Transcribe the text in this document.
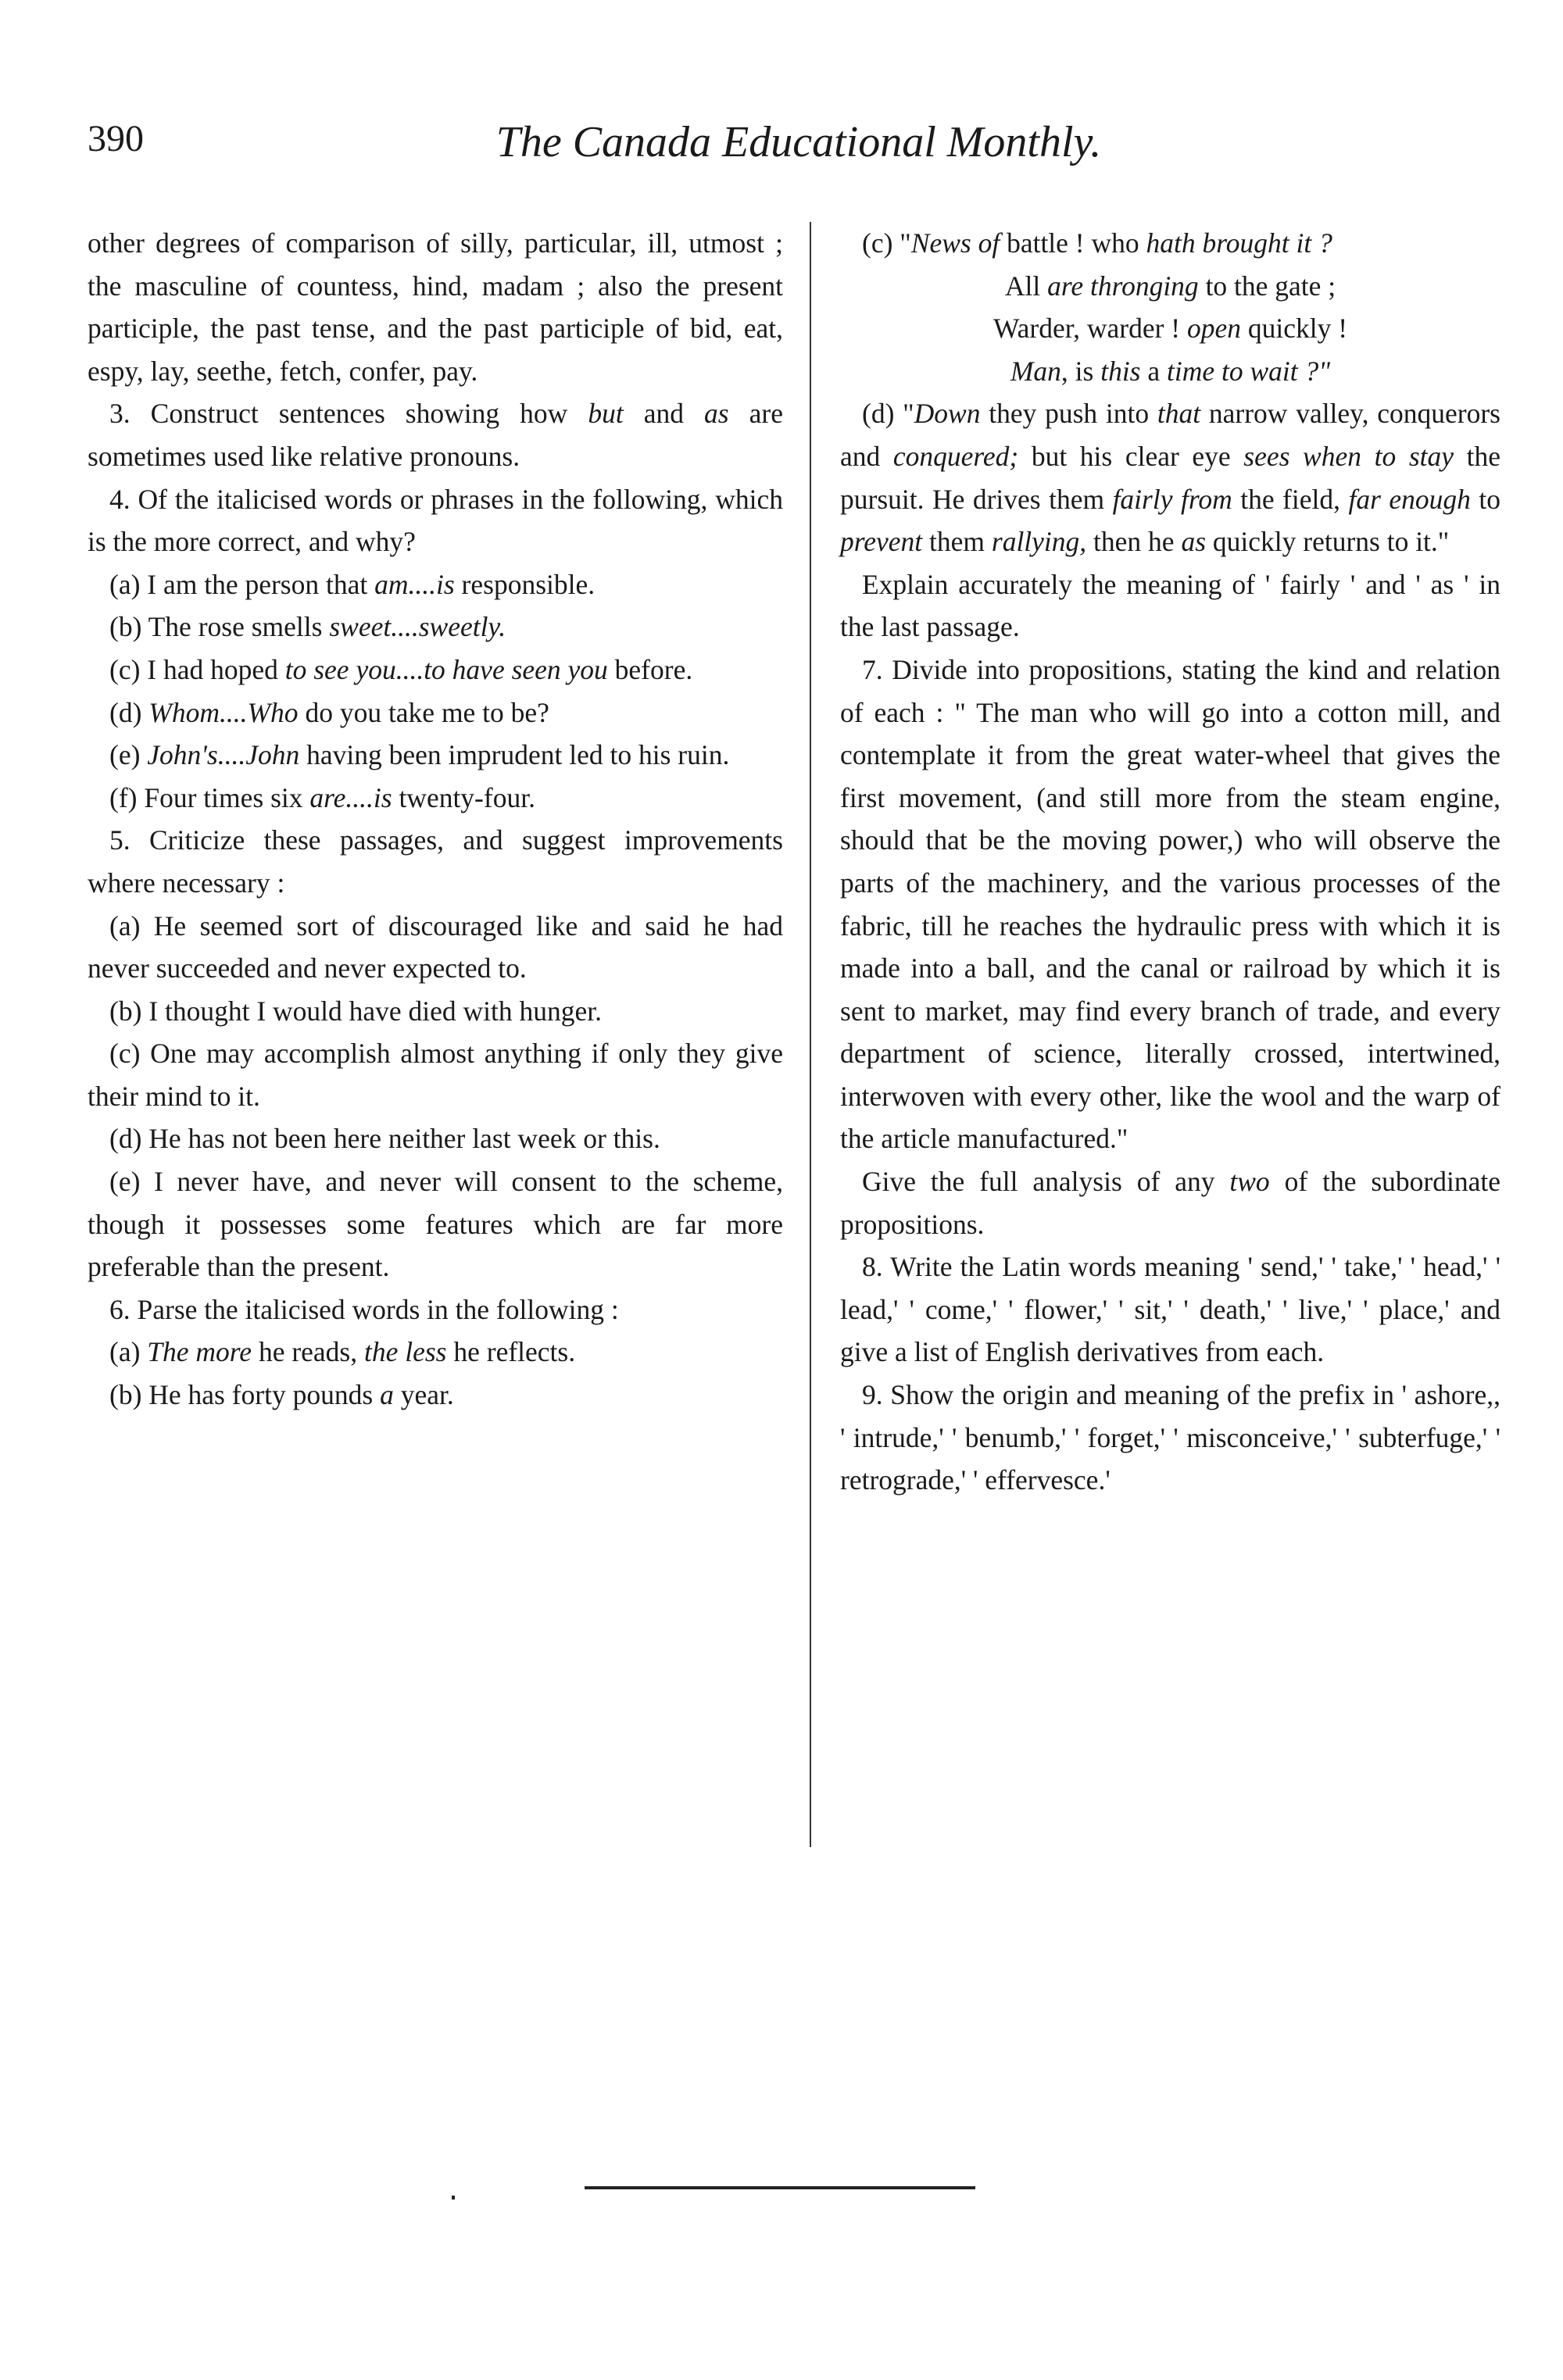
390	The Canada Educational Monthly.

other degrees of comparison of silly, particular, ill, utmost ; the masculine of countess, hind, madam ; also the present participle, the past tense, and the past participle of bid, eat, espy, lay, seethe, fetch, confer, pay.

3. Construct sentences showing how but and as are sometimes used like relative pronouns.

4. Of the italicised words or phrases in the following, which is the more correct, and why?

(a) I am the person that am....is responsible.

(b) The rose smells sweet....sweetly.

(c) I had hoped to see you....to have seen you before.

(d) Whom....Who do you take me to be?

(e) John's....John having been imprudent led to his ruin.

(f) Four times six are....is twenty-four.

5. Criticize these passages, and suggest improvements where necessary :

(a) He seemed sort of discouraged like and said he had never succeeded and never expected to.

(b) I thought I would have died with hunger.

(c) One may accomplish almost anything if only they give their mind to it.

(d) He has not been here neither last week or this.

(e) I never have, and never will consent to the scheme, though it possesses some features which are far more preferable than the present.

6. Parse the italicised words in the following :

(a) The more he reads, the less he reflects.

(b) He has forty pounds a year.

(c) "News of battle ! who hath brought it ?

All are thronging to the gate ;

Warder, warder ! open quickly !

Man, is this a time to wait ?"

(d) "Down they push into that narrow valley, conquerors and conquered; but his clear eye sees when to stay the pursuit. He drives them fairly from the field, far enough to prevent them rallying, then he as quickly returns to it."

Explain accurately the meaning of ' fairly ' and ' as ' in the last passage.

7. Divide into propositions, stating the kind and relation of each : " The man who will go into a cotton mill, and contemplate it from the great water-wheel that gives the first movement, (and still more from the steam engine, should that be the moving power,) who will observe the parts of the machinery, and the various processes of the fabric, till he reaches the hydraulic press with which it is made into a ball, and the canal or railroad by which it is sent to market, may find every branch of trade, and every department of science, literally crossed, intertwined, interwoven with every other, like the wool and the warp of the article manufactured."

Give the full analysis of any two of the subordinate propositions.

8. Write the Latin words meaning ' send,' ' take,' ' head,' ' lead,' ' come,' ' flower,' ' sit,' ' death,' ' live,' ' place,' and give a list of English derivatives from each.

9. Show the origin and meaning of the prefix in ' ashore,, ' intrude,' ' benumb,' ' forget,' ' misconceive,' ' subterfuge,' ' retrograde,' ' effervesce.'
